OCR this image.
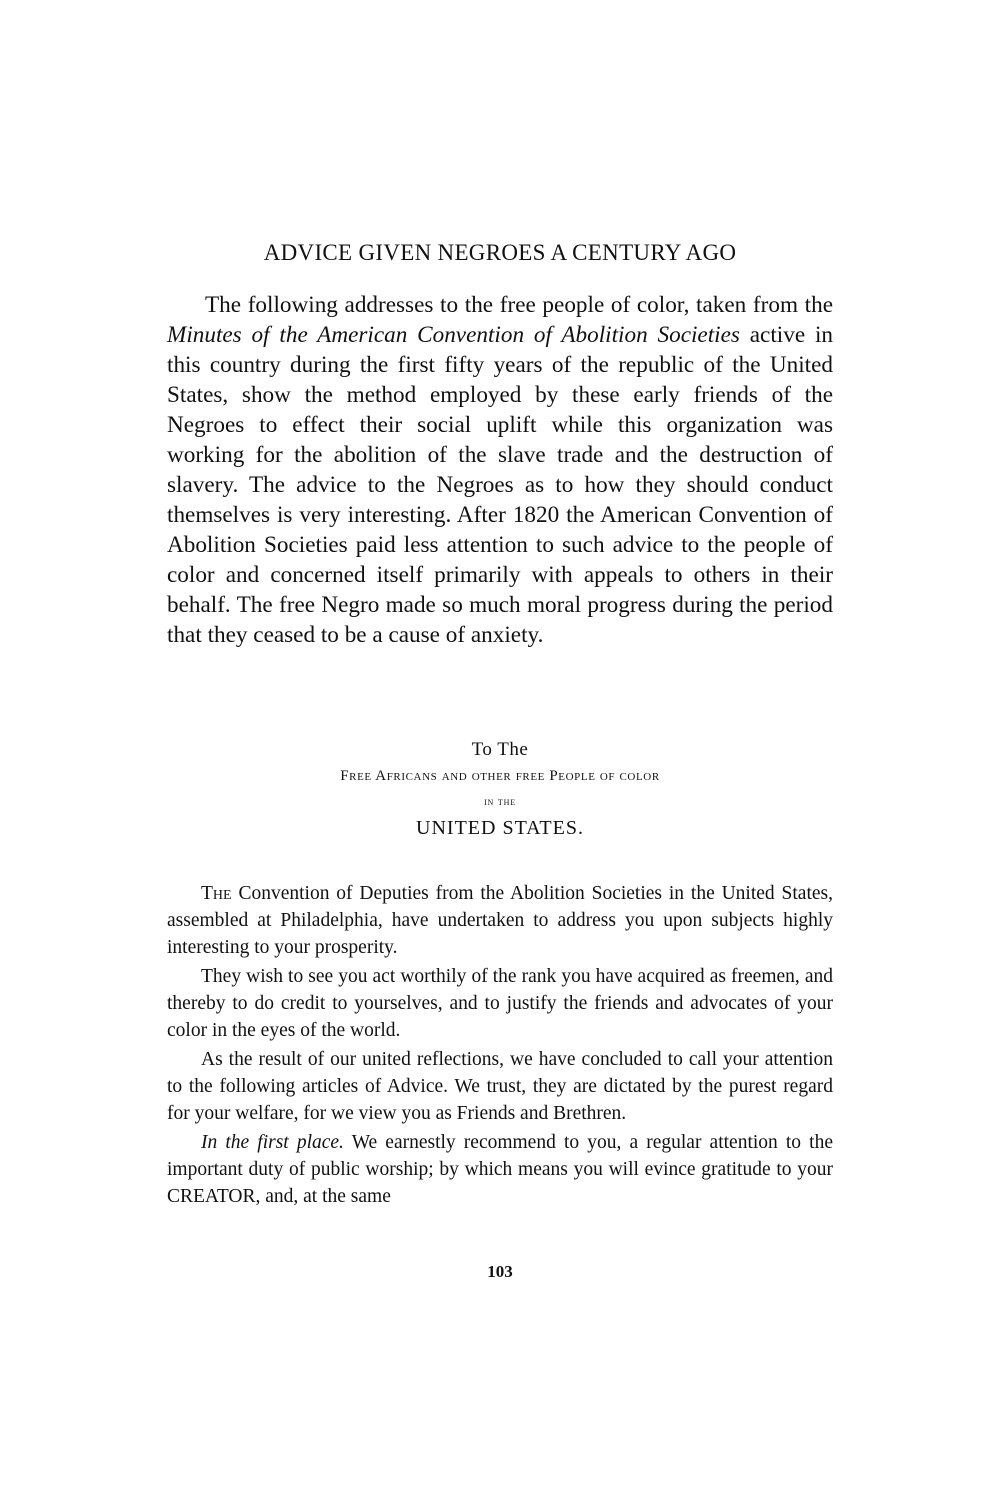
ADVICE GIVEN NEGROES A CENTURY AGO

The following addresses to the free people of color, taken from the Minutes of the American Convention of Abolition Societies active in this country during the first fifty years of the republic of the United States, show the method employed by these early friends of the Negroes to effect their social uplift while this organization was working for the abolition of the slave trade and the destruction of slavery. The advice to the Negroes as to how they should conduct themselves is very interesting. After 1820 the American Convention of Abolition Societies paid less attention to such advice to the people of color and concerned itself primarily with appeals to others in their behalf. The free Negro made so much moral progress during the period that they ceased to be a cause of anxiety.

To The
Free Africans and other free People of color
in the
UNITED STATES.

The Convention of Deputies from the Abolition Societies in the United States, assembled at Philadelphia, have undertaken to address you upon subjects highly interesting to your prosperity.

They wish to see you act worthily of the rank you have acquired as freemen, and thereby to do credit to yourselves, and to justify the friends and advocates of your color in the eyes of the world.

As the result of our united reflections, we have concluded to call your attention to the following articles of Advice. We trust, they are dictated by the purest regard for your welfare, for we view you as Friends and Brethren.

In the first place. We earnestly recommend to you, a regular attention to the important duty of public worship; by which means you will evince gratitude to your CREATOR, and, at the same

103
